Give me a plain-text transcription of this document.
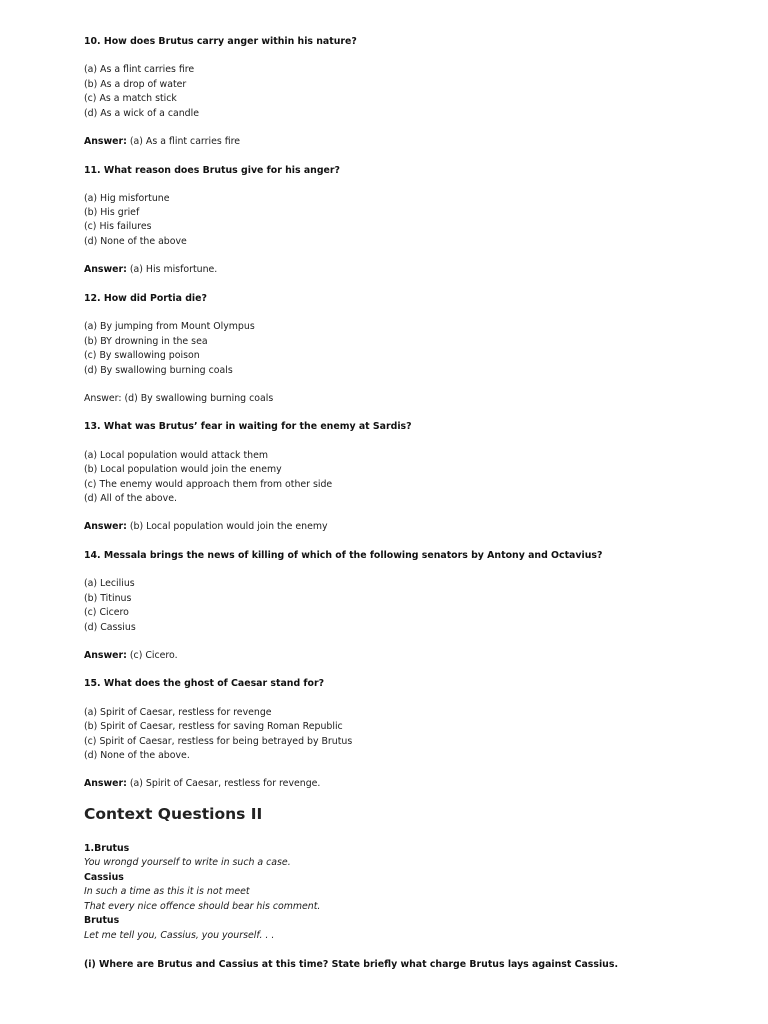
10. How does Brutus carry anger within his nature?
(a) As a flint carries fire
(b) As a drop of water
(c) As a match stick
(d) As a wick of a candle
Answer: (a) As a flint carries fire
11. What reason does Brutus give for his anger?
(a) Hig misfortune
(b) His grief
(c) His failures
(d) None of the above
Answer: (a) His misfortune.
12. How did Portia die?
(a) By jumping from Mount Olympus
(b) BY drowning in the sea
(c) By swallowing poison
(d) By swallowing burning coals
Answer: (d) By swallowing burning coals
13. What was Brutus’ fear in waiting for the enemy at Sardis?
(a) Local population would attack them
(b) Local population would join the enemy
(c) The enemy would approach them from other side
(d) All of the above.
Answer: (b) Local population would join the enemy
14. Messala brings the news of killing of which of the following senators by Antony and Octavius?
(a) Lecilius
(b) Titinus
(c) Cicero
(d) Cassius
Answer: (c) Cicero.
15. What does the ghost of Caesar stand for?
(a) Spirit of Caesar, restless for revenge
(b) Spirit of Caesar, restless for saving Roman Republic
(c) Spirit of Caesar, restless for being betrayed by Brutus
(d) None of the above.
Answer: (a) Spirit of Caesar, restless for revenge.
Context Questions II
1.Brutus
You wrongd yourself to write in such a case.
Cassius
In such a time as this it is not meet
That every nice offence should bear his comment.
Brutus
Let me tell you, Cassius, you yourself. . .
(i) Where are Brutus and Cassius at this time? State briefly what charge Brutus lays against Cassius.
